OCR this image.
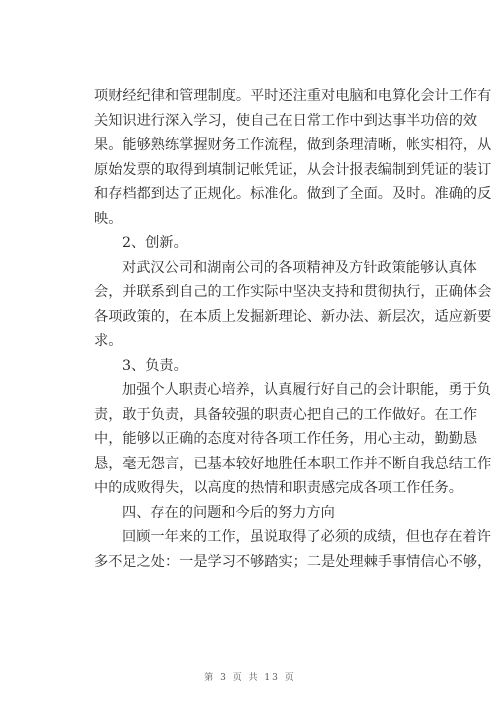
项财经纪律和管理制度。平时还注重对电脑和电算化会计工作有
关知识进行深入学习，使自己在日常工作中到达事半功倍的效
果。能够熟练掌握财务工作流程，做到条理清晰，帐实相符，从
原始发票的取得到填制记帐凭证，从会计报表编制到凭证的装订
和存档都到达了正规化。标准化。做到了全面。及时。准确的反
映。
2、创新。
对武汉公司和湖南公司的各项精神及方针政策能够认真体
会，并联系到自己的工作实际中坚决支持和贯彻执行，正确体会
各项政策的，在本质上发掘新理论、新办法、新层次，适应新要
求。
3、负责。
加强个人职责心培养，认真履行好自己的会计职能，勇于负
责，敢于负责，具备较强的职责心把自己的工作做好。在工作
中，能够以正确的态度对待各项工作任务，用心主动，勤勤恳
恳，毫无怨言，已基本较好地胜任本职工作并不断自我总结工作
中的成败得失，以高度的热情和职责感完成各项工作任务。
四、存在的问题和今后的努力方向
回顾一年来的工作，虽说取得了必须的成绩，但也存在着许
多不足之处：一是学习不够踏实；二是处理棘手事情信心不够，
第 3 页 共 13 页
